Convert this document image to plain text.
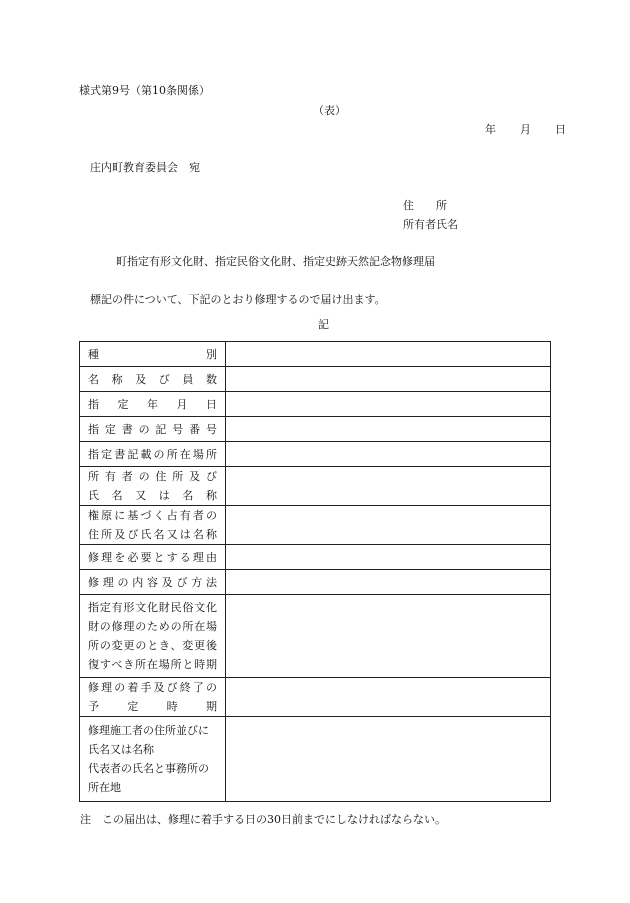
様式第9号（第10条関係）
（表）
年 月 日
庄内町教育委員会　宛
住　　所
所有者氏名
町指定有形文化財、指定民俗文化財、指定史跡天然記念物修理届
標記の件について、下記のとおり修理するので届け出ます。
記
種　　　　　別	

名称及び員数	

指定年月日	

指定書の記号番号	

指定書記載の所在場所	

所有者の住所及び
氏名又は名称	

権原に基づく占有者の
住所及び氏名又は名称	

修理を必要とする理由	

修理の内容及び方法	

指定有形文化財民俗文化
財の修理のための所在場
所の変更のとき、変更後
復すべき所在場所と時期	

修理の着手及び終了の
予定時期	

修理施工者の住所並びに
氏名又は名称
代表者の氏名と事務所の
所在地	

注　この届出は、修理に着手する日の30日前までにしなければならない。
